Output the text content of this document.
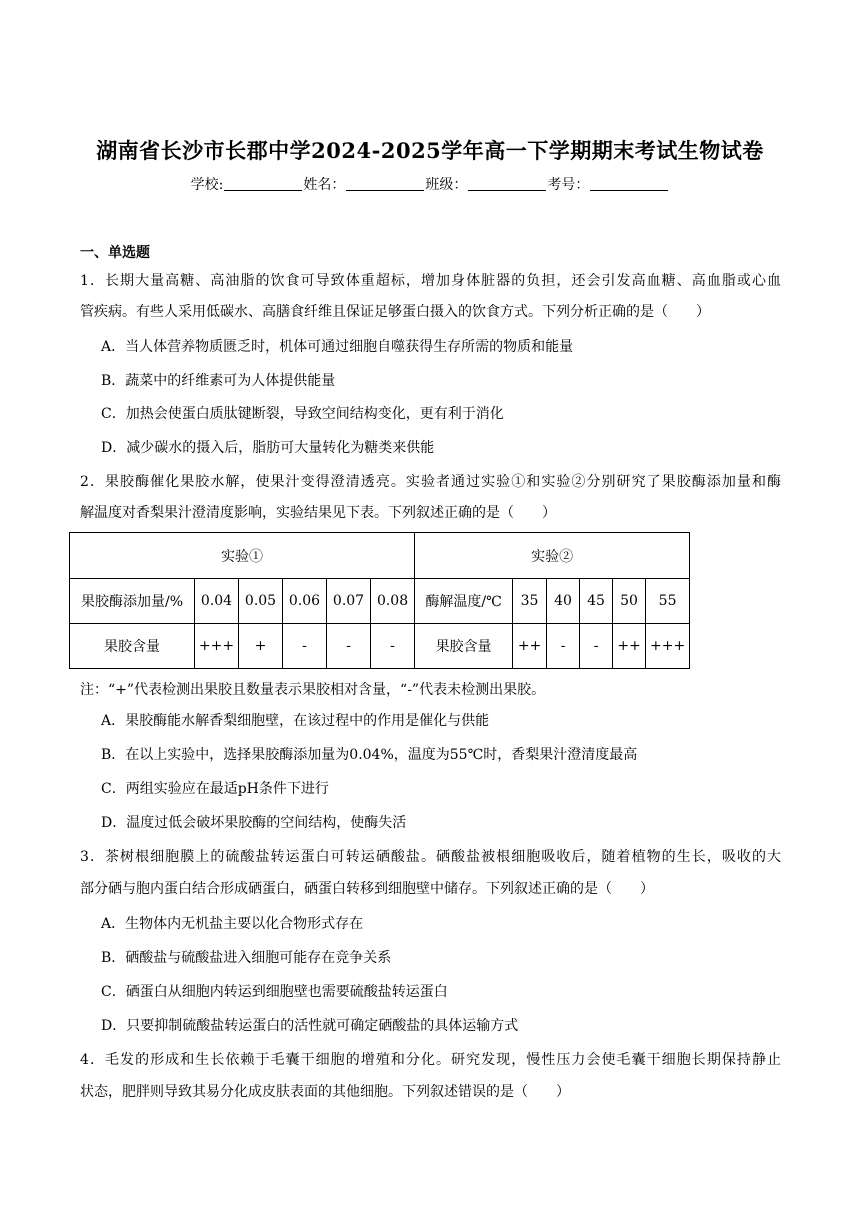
湖南省长沙市长郡中学2024-2025学年高一下学期期末考试生物试卷
学校:	姓名：	班级：	考号：
一、单选题
1．长期大量高糖、高油脂的饮食可导致体重超标，增加身体脏器的负担，还会引发高血糖、高血脂或心血
管疾病。有些人采用低碳水、高膳食纤维且保证足够蛋白摄入的饮食方式。下列分析正确的是（　　）
A．当人体营养物质匮乏时，机体可通过细胞自噬获得生存所需的物质和能量
B．蔬菜中的纤维素可为人体提供能量
C．加热会使蛋白质肽键断裂，导致空间结构变化，更有利于消化
D．减少碳水的摄入后，脂肪可大量转化为糖类来供能
2．果胶酶催化果胶水解，使果汁变得澄清透亮。实验者通过实验①和实验②分别研究了果胶酶添加量和酶
解温度对香梨果汁澄清度影响，实验结果见下表。下列叙述正确的是（　　）
实验①						实验②					
果胶酶添加量/%	0.04	0.05	0.06	0.07	0.08	酶解温度/℃	35	40	45	50	55
果胶含量	+++	+	-	-	-	果胶含量	++	-	-	++	+++
注：“+”代表检测出果胶且数量表示果胶相对含量，“-”代表未检测出果胶。
A．果胶酶能水解香梨细胞壁，在该过程中的作用是催化与供能
B．在以上实验中，选择果胶酶添加量为0.04%，温度为55℃时，香梨果汁澄清度最高
C．两组实验应在最适pH条件下进行
D．温度过低会破坏果胶酶的空间结构，使酶失活
3．茶树根细胞膜上的硫酸盐转运蛋白可转运硒酸盐。硒酸盐被根细胞吸收后，随着植物的生长，吸收的大
部分硒与胞内蛋白结合形成硒蛋白，硒蛋白转移到细胞壁中储存。下列叙述正确的是（　　）
A．生物体内无机盐主要以化合物形式存在
B．硒酸盐与硫酸盐进入细胞可能存在竞争关系
C．硒蛋白从细胞内转运到细胞壁也需要硫酸盐转运蛋白
D．只要抑制硫酸盐转运蛋白的活性就可确定硒酸盐的具体运输方式
4．毛发的形成和生长依赖于毛囊干细胞的增殖和分化。研究发现，慢性压力会使毛囊干细胞长期保持静止
状态，肥胖则导致其易分化成皮肤表面的其他细胞。下列叙述错误的是（　　）
